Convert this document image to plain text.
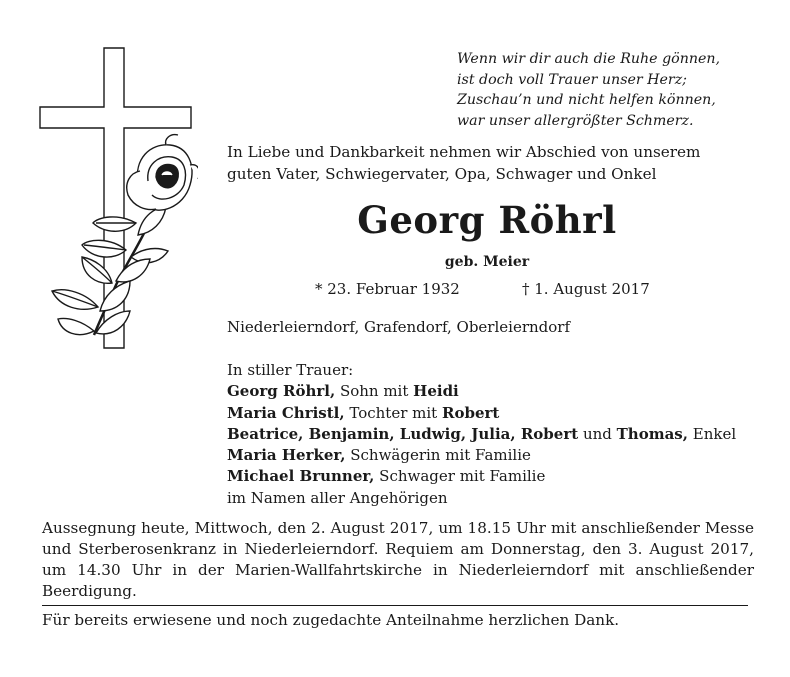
Wenn wir dir auch die Ruhe gönnen,
ist doch voll Trauer unser Herz;
Zuschau’n und nicht helfen können,
war unser allergrößter Schmerz.
In Liebe und Dankbarkeit nehmen wir Abschied von unserem
guten Vater, Schwiegervater, Opa, Schwager und Onkel
Georg Röhrl
geb. Meier
* 23. Februar 1932	† 1. August 2017
Niederleierndorf, Grafendorf, Oberleierndorf
In stiller Trauer:
Georg Röhrl, Sohn mit Heidi
Maria Christl, Tochter mit Robert
Beatrice, Benjamin, Ludwig, Julia, Robert und Thomas, Enkel
Maria Herker, Schwägerin mit Familie
Michael Brunner, Schwager mit Familie
im Namen aller Angehörigen
Aussegnung heute, Mittwoch, den 2. August 2017, um 18.15 Uhr mit anschließender Messe und Sterberosenkranz in Niederleierndorf. Requiem am Donnerstag, den 3. August 2017, um 14.30 Uhr in der Marien-Wallfahrtskirche in Niederleierndorf mit anschließender Beerdigung.
Für bereits erwiesene und noch zugedachte Anteilnahme herzlichen Dank.
